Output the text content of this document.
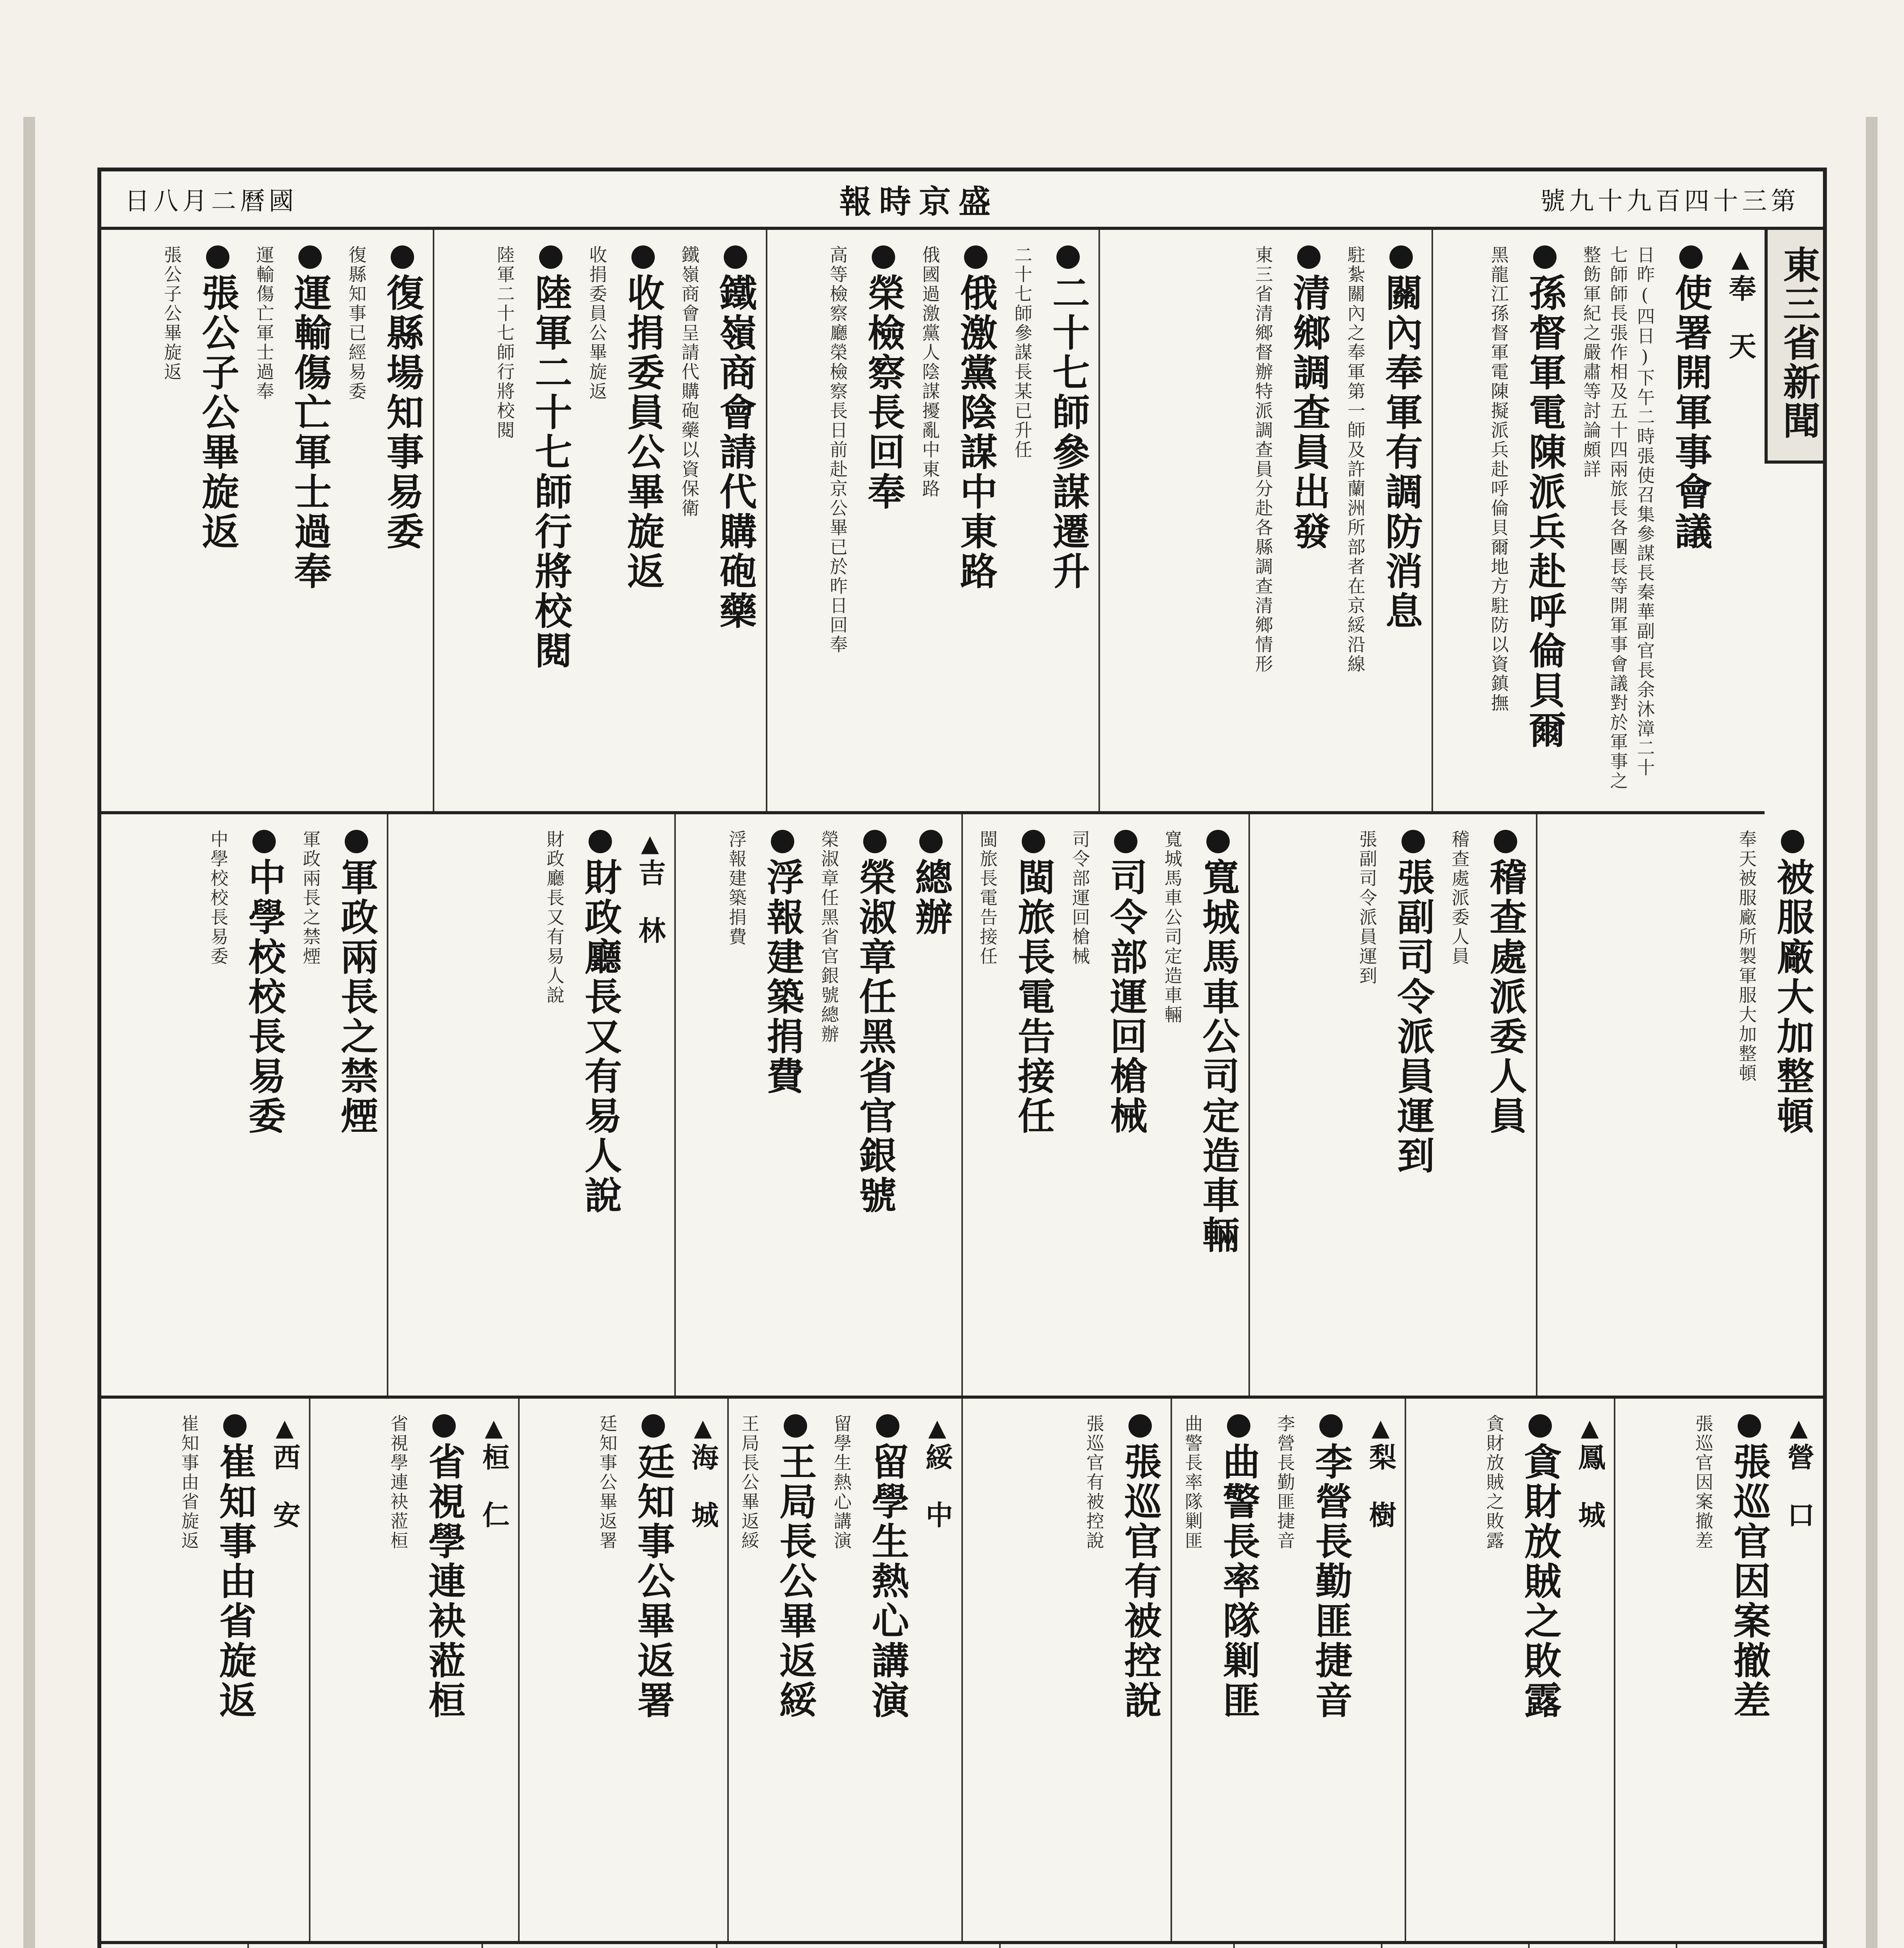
日八月二曆國	報時京盛	號九十九百四十三第
東三省新聞
▲ 奉　天
使署開軍事會議
日昨(四日)下午二時張使召集參謀長秦華副官長余沐漳二十七師師長張作相及五十四兩旅長各團長等開軍事會議對於軍事之整飭軍紀之嚴肅等討論頗詳
孫督軍電陳派兵赴呼倫貝爾
黑龍江孫督軍電陳擬派兵赴呼倫貝爾地方駐防以資鎮撫
關內奉軍有調防消息
駐紮關內之奉軍第一師及許蘭洲所部者在京綏沿線
清鄉調查員出發
東三省清鄉督辦特派調查員分赴各縣調查清鄉情形
二十七師參謀遷升
二十七師參謀長某已升任
俄激黨陰謀中東路
俄國過激黨人陰謀擾亂中東路
榮檢察長回奉
高等檢察廳榮檢察長日前赴京公畢已於昨日回奉
鐵嶺商會請代購砲藥
鐵嶺商會呈請代購砲藥以資保衛
收捐委員公畢旋返
收捐委員公畢旋返
陸軍二十七師行將校閱
陸軍二十七師行將校閱
復縣場知事易委
復縣知事已經易委
運輸傷亡軍士過奉
運輸傷亡軍士過奉
張公子公畢旋返
張公子公畢旋返
被服廠大加整頓
奉天被服廠所製軍服大加整頓
稽查處派委人員
稽查處派委人員
張副司令派員運到
張副司令派員運到
寬城馬車公司定造車輛
寬城馬車公司定造車輛
司令部運回槍械
司令部運回槍械
閩旅長電告接任
閩旅長電告接任
總辦
榮淑章任黑省官銀號
榮淑章任黑省官銀號總辦
浮報建築捐費
浮報建築捐費
▲ 吉　林
財政廳長又有易人說
財政廳長又有易人說
軍政兩長之禁煙
軍政兩長之禁煙
中學校校長易委
中學校校長易委
▲ 營　口
張巡官因案撤差
張巡官因案撤差
▲ 鳳　城
貪財放賊之敗露
貪財放賊之敗露
▲ 梨　樹
李營長勤匪捷音
李營長勤匪捷音
曲警長率隊剿匪
曲警長率隊剿匪
張巡官有被控說
張巡官有被控說
▲ 綏　中
留學生熱心講演
留學生熱心講演
王局長公畢返綏
王局長公畢返綏
▲ 海　城
廷知事公畢返署
廷知事公畢返署
▲ 桓　仁
省視學連袂蒞桓
省視學連袂蒞桓
▲ 西　安
崔知事由省旋返
崔知事由省旋返
